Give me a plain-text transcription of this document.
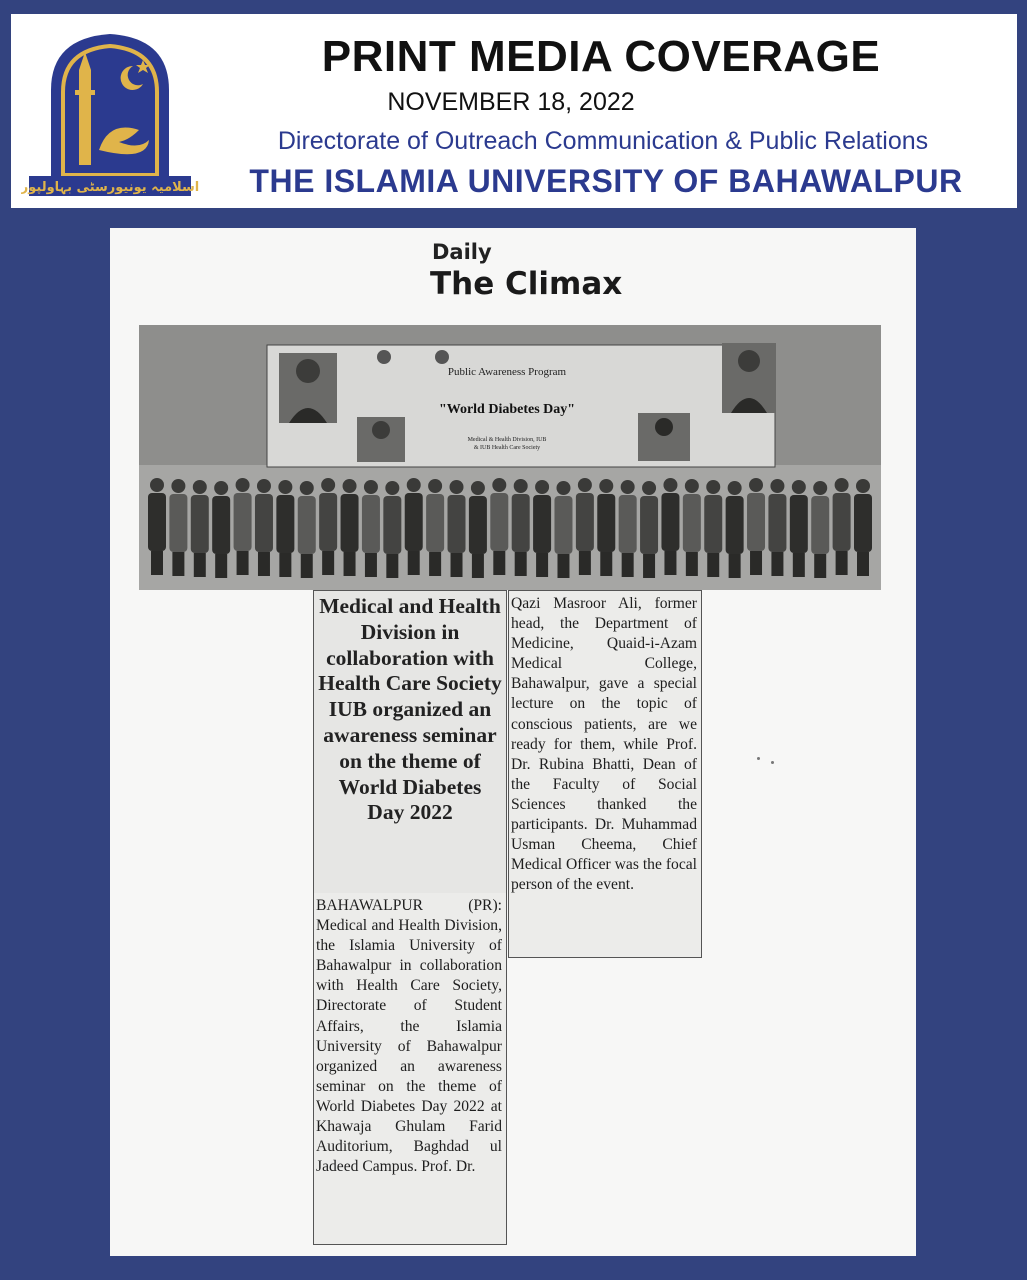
اسلامیہ یونیورسٹی بہاولپور
PRINT MEDIA COVERAGE
NOVEMBER 18, 2022
Directorate of Outreach Communication & Public Relations
THE ISLAMIA UNIVERSITY OF BAHAWALPUR
Daily
The Climax
Public Awareness Program
"World Diabetes Day"
Medical & Health Division, IUB
& IUB Health Care Society
Medical and Health Division in collaboration with Health Care Society IUB organized an awareness seminar on the theme of World Diabetes Day 2022
BAHAWALPUR (PR): Medical and Health Division, the Islamia University of Bahawalpur in collaboration with Health Care Society, Directorate of Student Affairs, the Islamia University of Bahawalpur organized an awareness seminar on the theme of World Diabetes Day 2022 at Khawaja Ghulam Farid Auditorium, Baghdad ul Jadeed Campus. Prof. Dr.
Qazi Masroor Ali, former head, the Department of Medicine, Quaid-i-Azam Medical College, Bahawalpur, gave a special lecture on the topic of conscious patients, are we ready for them, while Prof. Dr. Rubina Bhatti, Dean of the Faculty of Social Sciences thanked the participants. Dr. Muhammad Usman Cheema, Chief Medical Officer was the focal person of the event.
